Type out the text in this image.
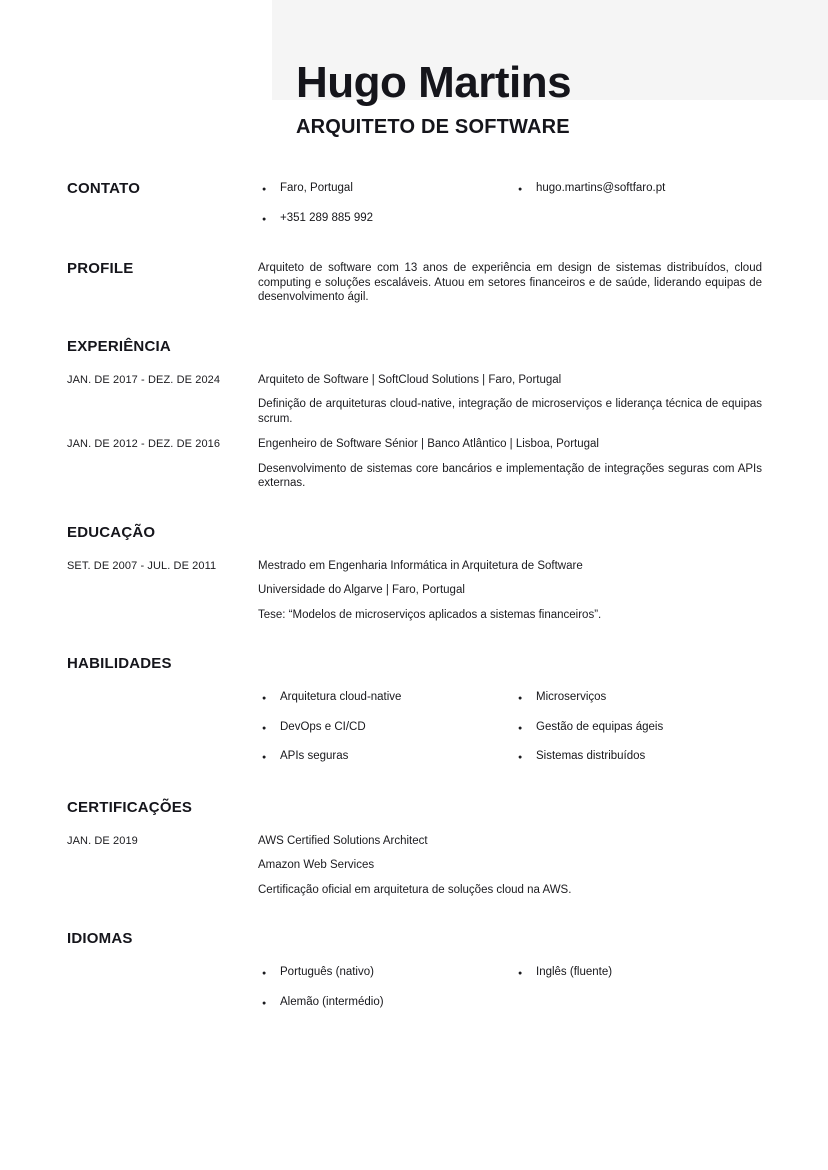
Hugo Martins
ARQUITETO DE SOFTWARE
CONTATO	●	Faro, Portugal
●	+351 289 885 992
●	hugo.martins@softfaro.pt
PROFILE	Arquiteto de software com 13 anos de experiência em design de sistemas distribuídos, cloud computing e soluções escaláveis. Atuou em setores financeiros e de saúde, liderando equipas de desenvolvimento ágil.
EXPERIÊNCIA
JAN. DE 2017 - DEZ. DE 2024	Arquiteto de Software | SoftCloud Solutions | Faro, Portugal

Definição de arquiteturas cloud-native, integração de microserviços e liderança técnica de equipas scrum.

JAN. DE 2012 - DEZ. DE 2016	Engenheiro de Software Sénior | Banco Atlântico | Lisboa, Portugal

Desenvolvimento de sistemas core bancários e implementação de integrações seguras com APIs externas.

EDUCAÇÃO
SET. DE 2007 - JUL. DE 2011	Mestrado em Engenharia Informática in Arquitetura de Software

Universidade do Algarve | Faro, Portugal

Tese: “Modelos de microserviços aplicados a sistemas financeiros”.

HABILIDADES
●	Arquitetura cloud-native
●	DevOps e CI/CD
●	APIs seguras
●	Microserviços
●	Gestão de equipas ágeis
●	Sistemas distribuídos
CERTIFICAÇÕES
JAN. DE 2019	AWS Certified Solutions Architect

Amazon Web Services

Certificação oficial em arquitetura de soluções cloud na AWS.

IDIOMAS
●	Português (nativo)
●	Alemão (intermédio)
●	Inglês (fluente)
